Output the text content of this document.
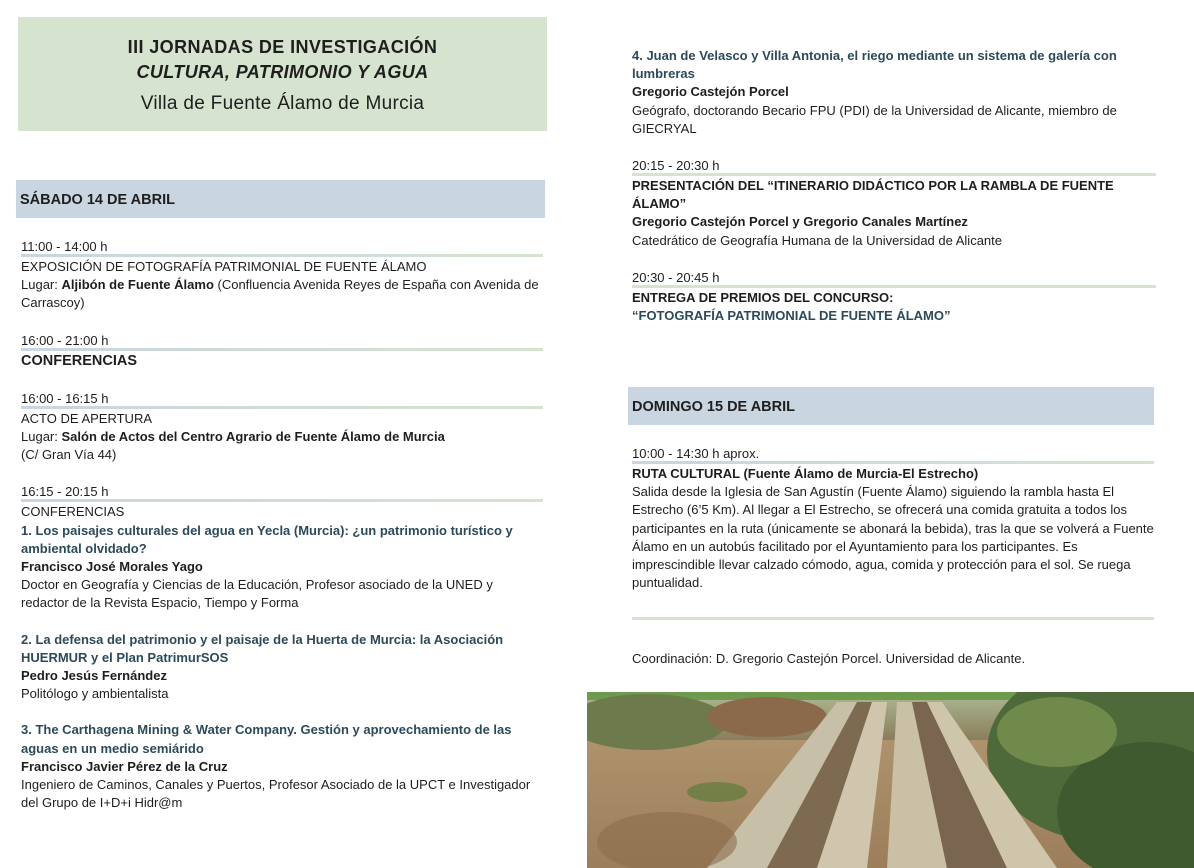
III JORNADAS DE INVESTIGACIÓN
CULTURA, PATRIMONIO Y AGUA
Villa de Fuente Álamo de Murcia
SÁBADO 14 DE ABRIL
11:00 - 14:00 h

EXPOSICIÓN DE FOTOGRAFÍA PATRIMONIAL DE FUENTE ÁLAMO

Lugar: Aljibón de Fuente Álamo (Confluencia Avenida Reyes de España con Avenida de Carrascoy)

16:00 - 21:00 h

CONFERENCIAS

16:00 - 16:15 h

ACTO DE APERTURA

Lugar: Salón de Actos del Centro Agrario de Fuente Álamo de Murcia

(C/ Gran Vía 44)

16:15 - 20:15 h

CONFERENCIAS

1. Los paisajes culturales del agua en Yecla (Murcia): ¿un patrimonio turístico y ambiental olvidado?

Francisco José Morales Yago

Doctor en Geografía y Ciencias de la Educación, Profesor asociado de la UNED y redactor de la Revista Espacio, Tiempo y Forma

2. La defensa del patrimonio y el paisaje de la Huerta de Murcia: la Asociación HUERMUR y el Plan PatrimurSOS

Pedro Jesús Fernández

Politólogo y ambientalista

3. The Carthagena Mining & Water Company. Gestión y aprovechamiento de las aguas en un medio semiárido

Francisco Javier Pérez de la Cruz

Ingeniero de Caminos, Canales y Puertos, Profesor Asociado de la UPCT e Investigador del Grupo de I+D+i Hidr@m

4. Juan de Velasco y Villa Antonia, el riego mediante un sistema de galería con lumbreras

Gregorio Castejón Porcel

Geógrafo, doctorando Becario FPU (PDI) de la Universidad de Alicante, miembro de GIECRYAL

20:15 - 20:30 h

PRESENTACIÓN DEL “ITINERARIO DIDÁCTICO POR LA RAMBLA DE FUENTE ÁLAMO”

Gregorio Castejón Porcel y Gregorio Canales Martínez

Catedrático de Geografía Humana de la Universidad de Alicante

20:30 - 20:45 h

ENTREGA DE PREMIOS DEL CONCURSO:

“FOTOGRAFÍA PATRIMONIAL DE FUENTE ÁLAMO”

DOMINGO 15 DE ABRIL
10:00 - 14:30 h aprox.

RUTA CULTURAL (Fuente Álamo de Murcia-El Estrecho)

Salida desde la Iglesia de San Agustín (Fuente Álamo) siguiendo la rambla hasta El Estrecho (6’5 Km). Al llegar a El Estrecho, se ofrecerá una comida gratuita a todos los participantes en la ruta (únicamente se abonará la bebida), tras la que se volverá a Fuente Álamo en un autobús facilitado por el Ayuntamiento para los participantes. Es imprescindible llevar calzado cómodo, agua, comida y protección para el sol. Se ruega puntualidad.

Coordinación: D. Gregorio Castejón Porcel. Universidad de Alicante.
